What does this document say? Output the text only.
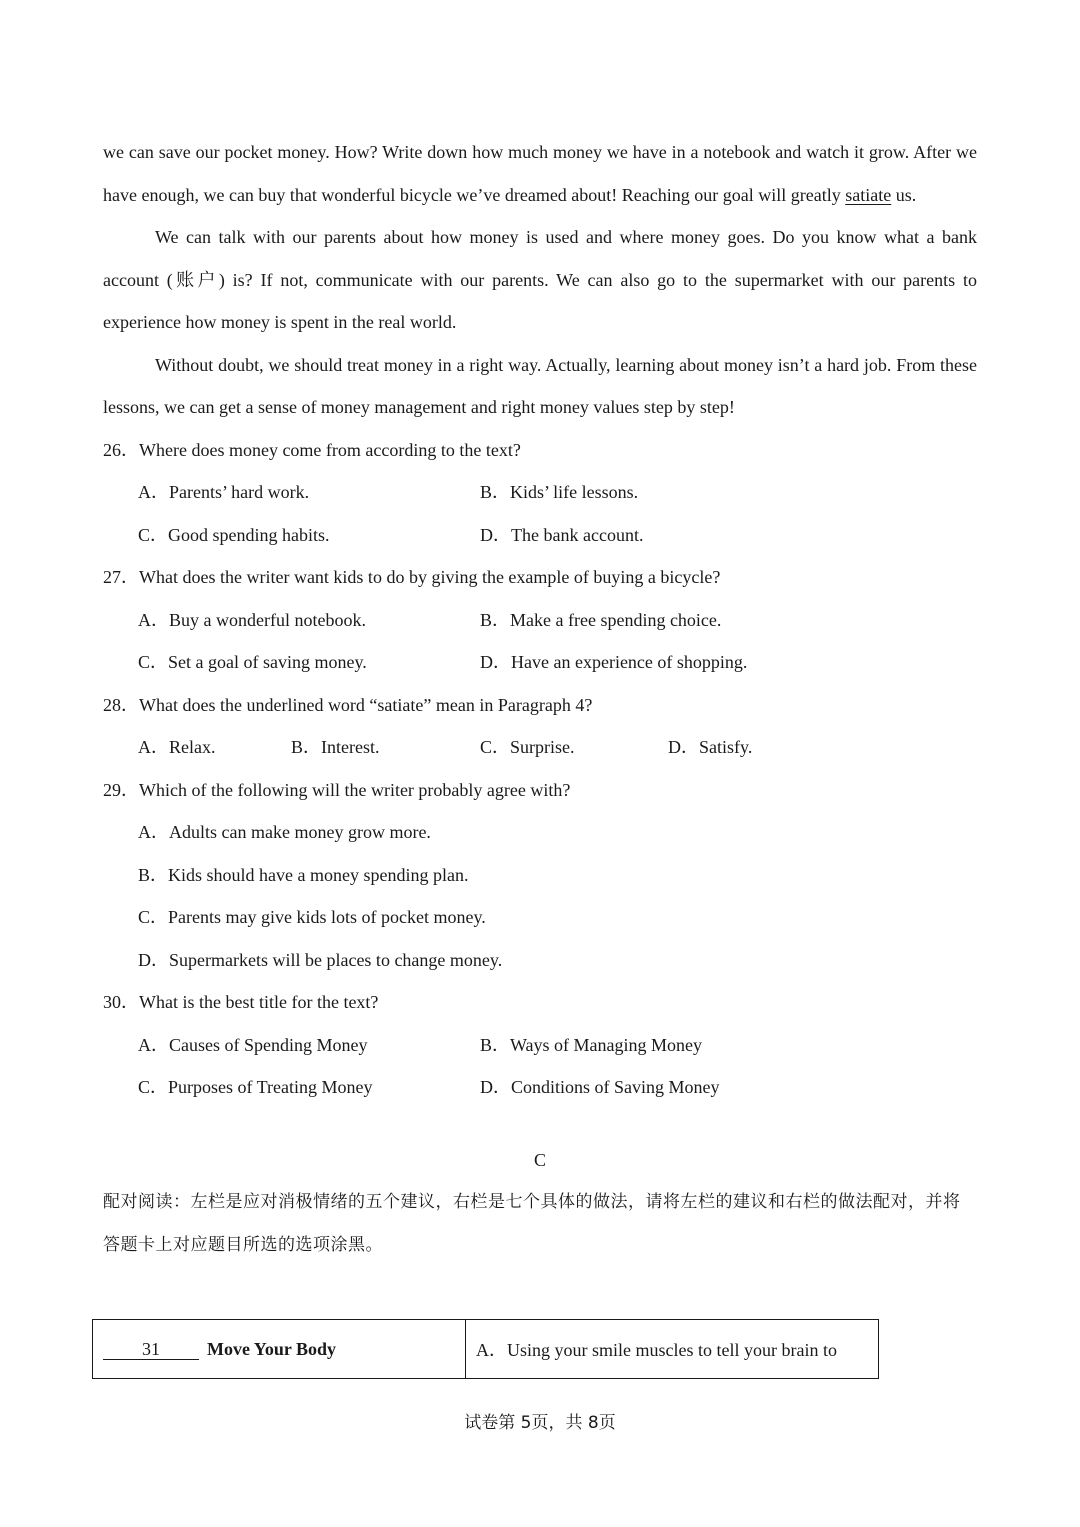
we can save our pocket money. How? Write down how much money we have in a notebook and watch it grow. After we have enough, we can buy that wonderful bicycle we’ve dreamed about! Reaching our goal will greatly satiate us.

We can talk with our parents about how money is used and where money goes. Do you know what a bank account (账户) is? If not, communicate with our parents. We can also go to the supermarket with our parents to experience how money is spent in the real world.

Without doubt, we should treat money in a right way. Actually, learning about money isn’t a hard job. From these lessons, we can get a sense of money management and right money values step by step!

26．Where does money come from according to the text?
A．Parents’ hard work.	B．Kids’ life lessons.
C．Good spending habits.	D．The bank account.
27．What does the writer want kids to do by giving the example of buying a bicycle?
A．Buy a wonderful notebook.	B．Make a free spending choice.
C．Set a goal of saving money.	D．Have an experience of shopping.
28．What does the underlined word “satiate” mean in Paragraph 4?
A．Relax.	B．Interest.	C．Surprise.	D．Satisfy.
29．Which of the following will the writer probably agree with?
A．Adults can make money grow more.
B．Kids should have a money spending plan.
C．Parents may give kids lots of pocket money.
D．Supermarkets will be places to change money.
30．What is the best title for the text?
A．Causes of Spending Money	B．Ways of Managing Money
C．Purposes of Treating Money	D．Conditions of Saving Money
C

配对阅读：左栏是应对消极情绪的五个建议，右栏是七个具体的做法，请将左栏的建议和右栏的做法配对，并将答题卡上对应题目所选的选项涂黑。

31	Move Your Body	A．Using your smile muscles to tell your brain to
试卷第 5页，共 8页
